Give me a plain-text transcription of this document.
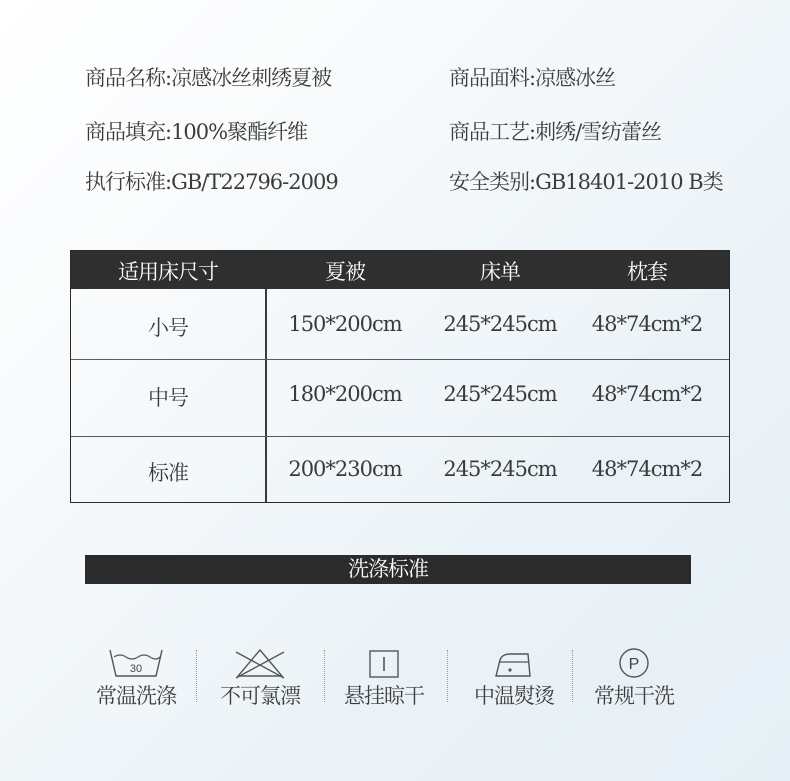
商品名称:凉感冰丝刺绣夏被	商品面料:凉感冰丝
商品填充:100%聚酯纤维	商品工艺:刺绣/雪纺蕾丝
执行标准:GB/T22796-2009	安全类别:GB18401-2010 B类
适用床尺寸	夏被	床单	枕套
小号	150*200cm	245*245cm	48*74cm*2
中号	180*200cm	245*245cm	48*74cm*2
标准	200*230cm	245*245cm	48*74cm*2
洗涤标准
30
常温洗涤	不可氯漂	悬挂晾干	中温熨烫
P
常规干洗
